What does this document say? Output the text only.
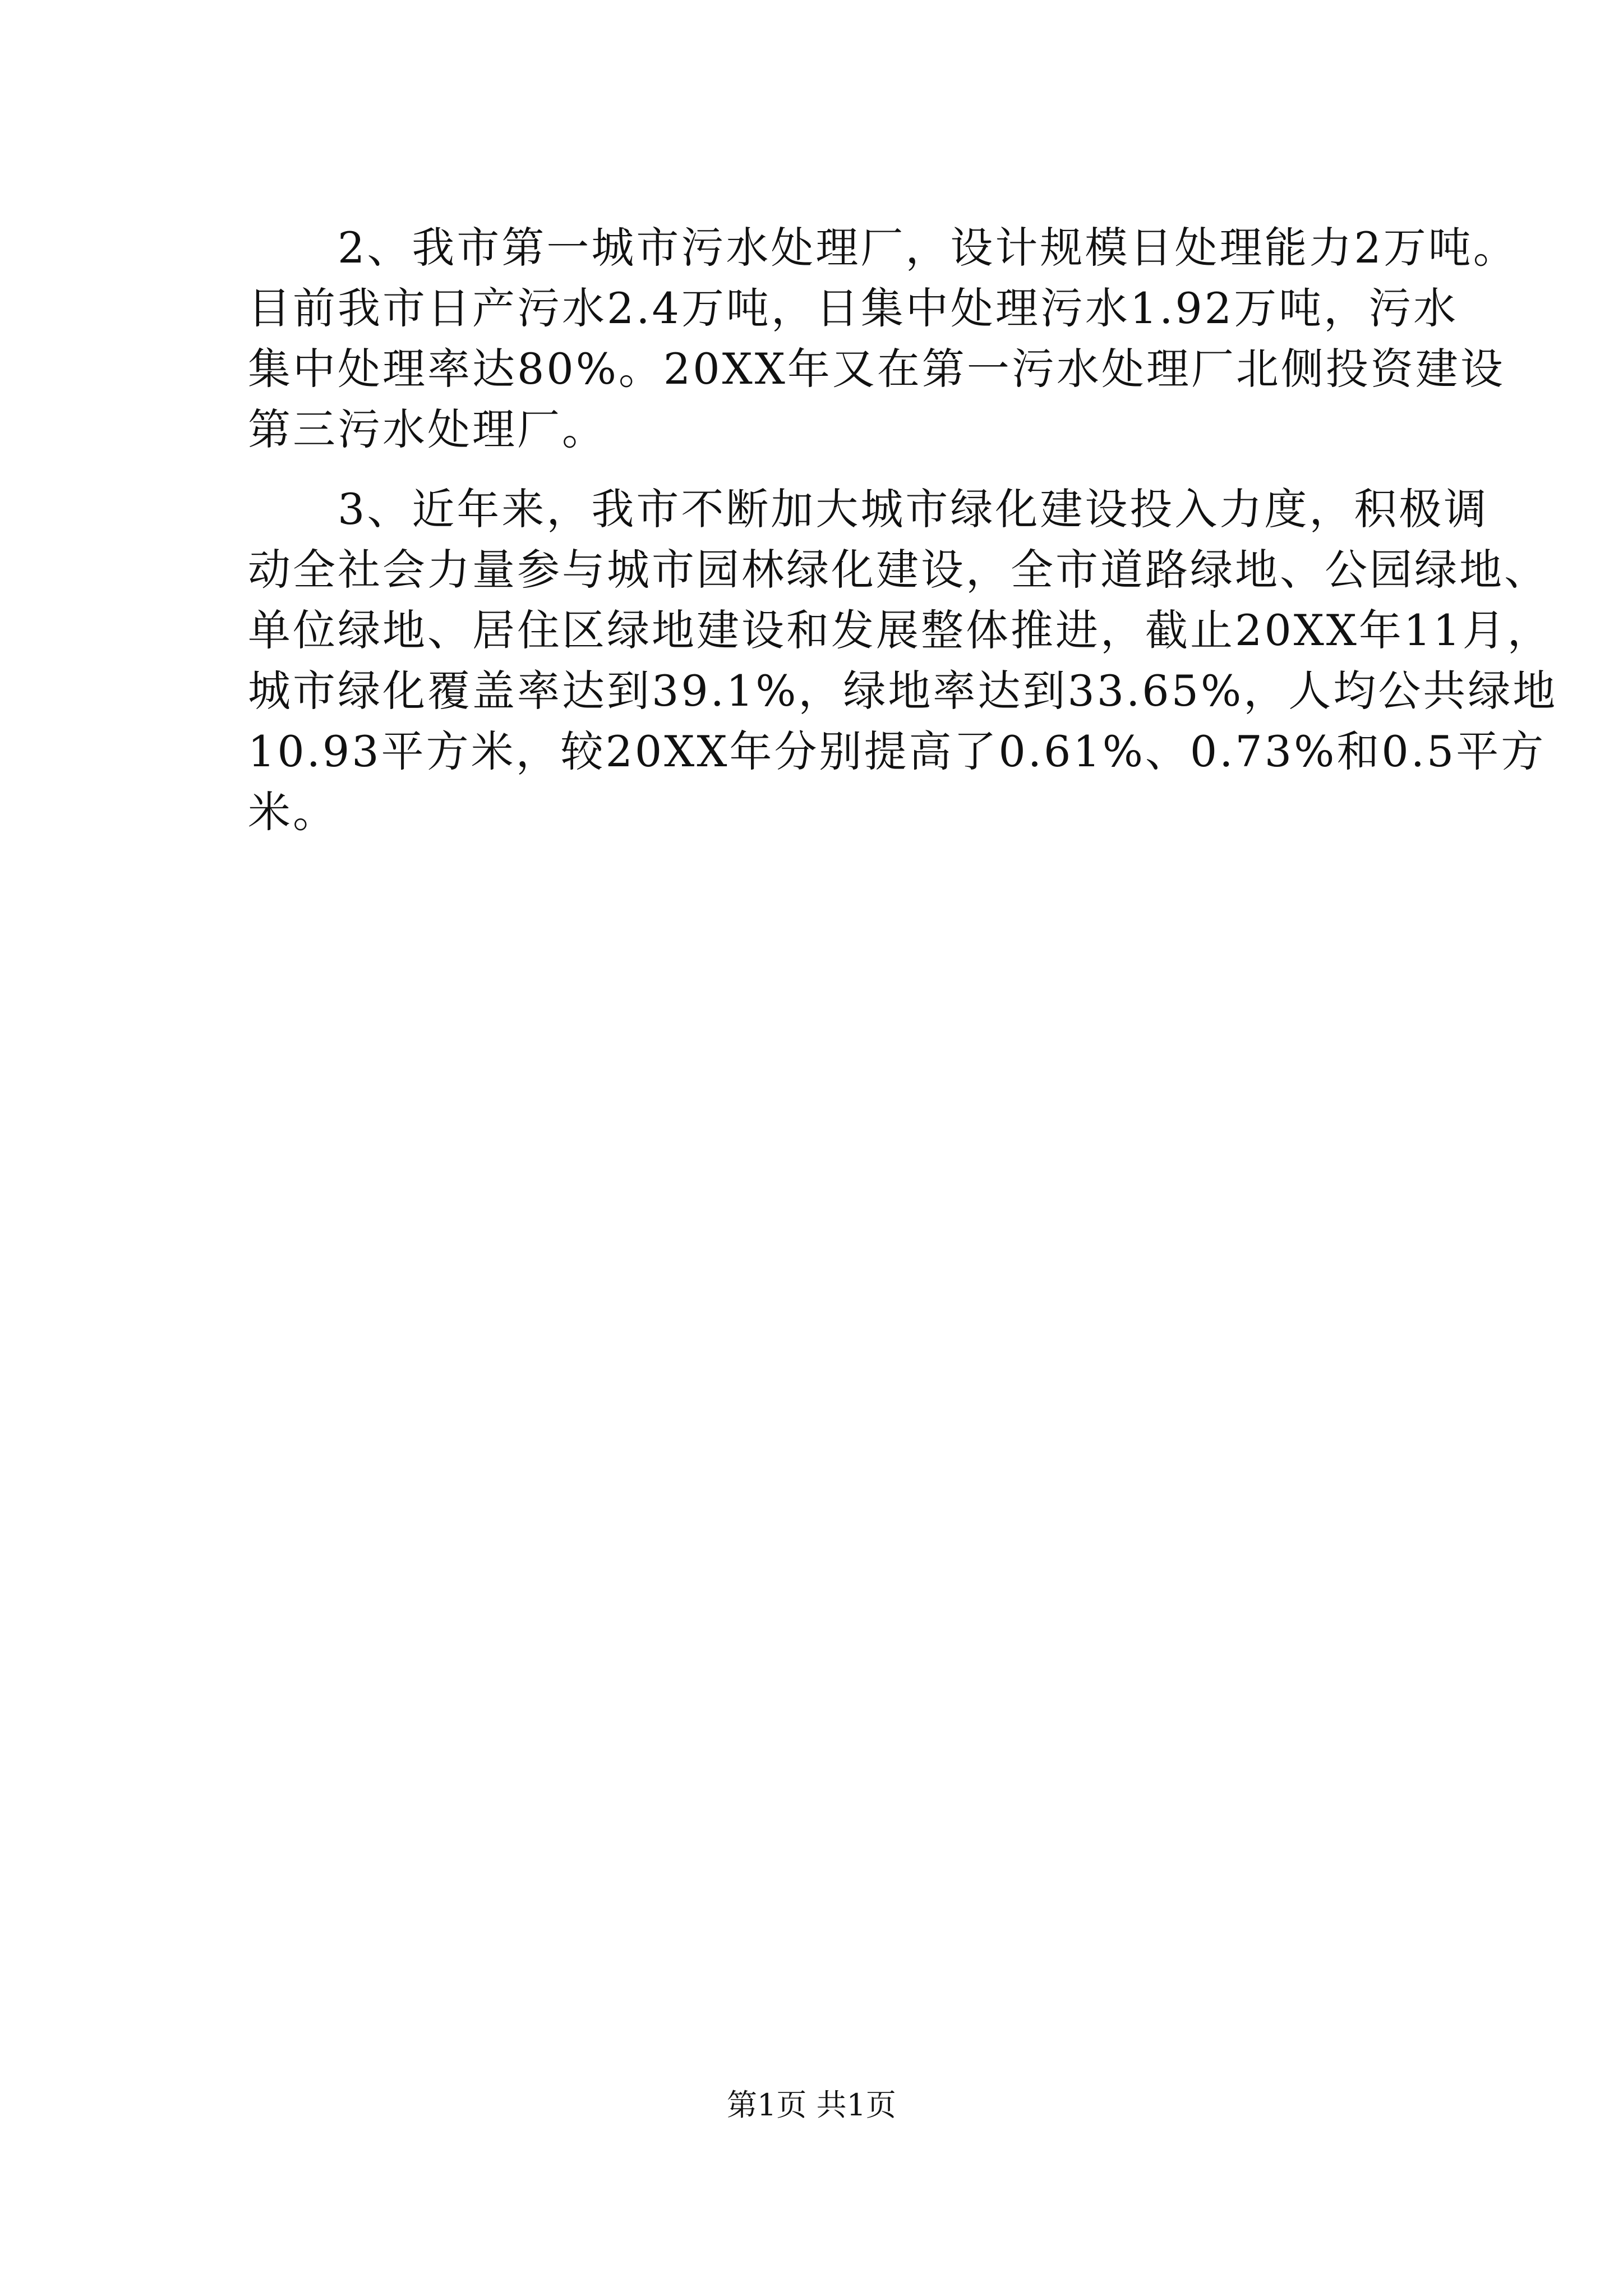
　　2、我市第一城市污水处理厂，设计规模日处理能力2万吨。

目前我市日产污水2.4万吨，日集中处理污水1.92万吨，污水

集中处理率达80%。20XX年又在第一污水处理厂北侧投资建设

第三污水处理厂。

　　3、近年来，我市不断加大城市绿化建设投入力度，积极调

动全社会力量参与城市园林绿化建设，全市道路绿地、公园绿地、

单位绿地、居住区绿地建设和发展整体推进，截止20XX年11月，

城市绿化覆盖率达到39.1%，绿地率达到33.65%，人均公共绿地

10.93平方米，较20XX年分别提高了0.61%、0.73%和0.5平方

米。

第1页 共1页
